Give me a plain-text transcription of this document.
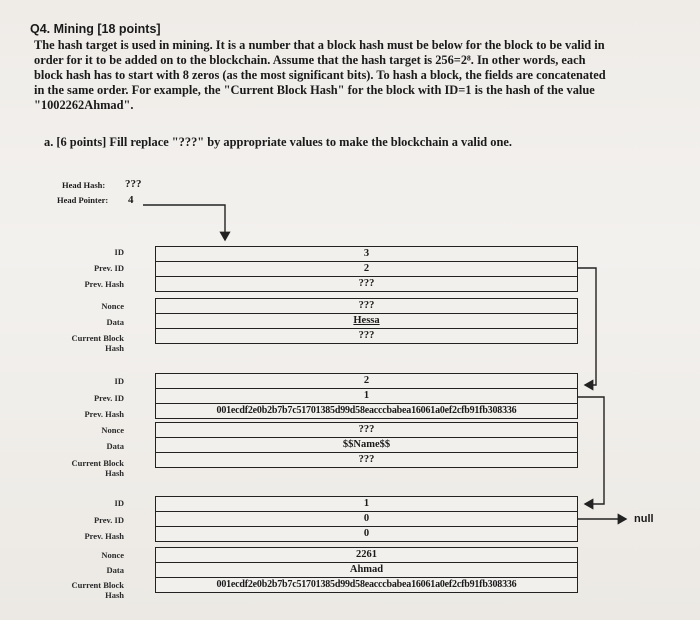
Q4. Mining [18 points]

The hash target is used in mining. It is a number that a block hash must be below for the block to be valid in

order for it to be added on to the blockchain. Assume that the hash target is 256=2⁸. In other words, each

block hash has to start with 8 zeros (as the most significant bits). To hash a block, the fields are concatenated

in the same order. For example, the "Current Block Hash" for the block with ID=1 is the hash of the value

"1002262Ahmad".

a. [6 points] Fill replace "???" by appropriate values to make the blockchain a valid one.
Head Hash: ???
Head Pointer: 4
ID
Prev. ID
Prev. Hash
Nonce
Data
Current Block
Hash
3
2
???
???
Hessa
???
ID
Prev. ID
Prev. Hash
Nonce
Data
Current Block
Hash
2
1
001ecdf2e0b2b7b7c51701385d99d58eacccbabea16061a0ef2cfb91fb308336
???
$$Name$$
???
ID
Prev. ID
Prev. Hash
Nonce
Data
Current Block
Hash
1
0
0
2261
Ahmad
001ecdf2e0b2b7b7c51701385d99d58eacccbabea16061a0ef2cfb91fb308336
null
